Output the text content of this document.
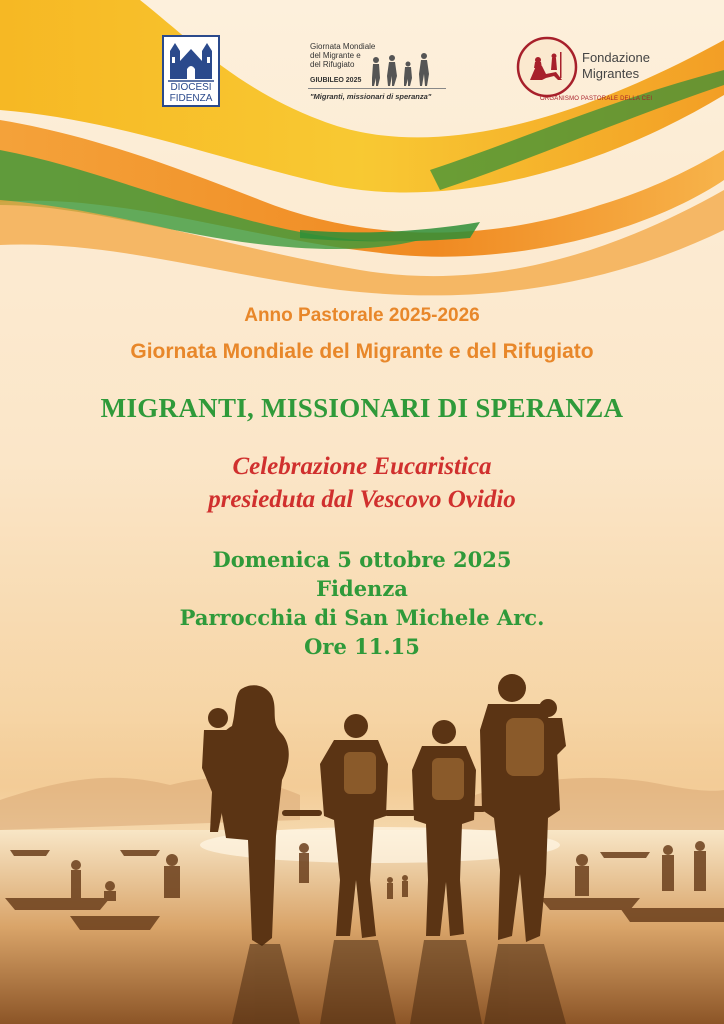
DIOCESI
FIDENZA
Giornata Mondiale
del Migrante e
del Rifugiato
GIUBILEO 2025
"Migranti, missionari di speranza"
Fondazione
Migrantes
ORGANISMO PASTORALE DELLA CEI

Anno Pastorale 2025-2026

Giornata Mondiale del Migrante e del Rifugiato

MIGRANTI, MISSIONARI DI SPERANZA

Celebrazione Eucaristica

presieduta dal Vescovo Ovidio

Domenica 5 ottobre 2025

Fidenza

Parrocchia di San Michele Arc.

Ore 11.15
